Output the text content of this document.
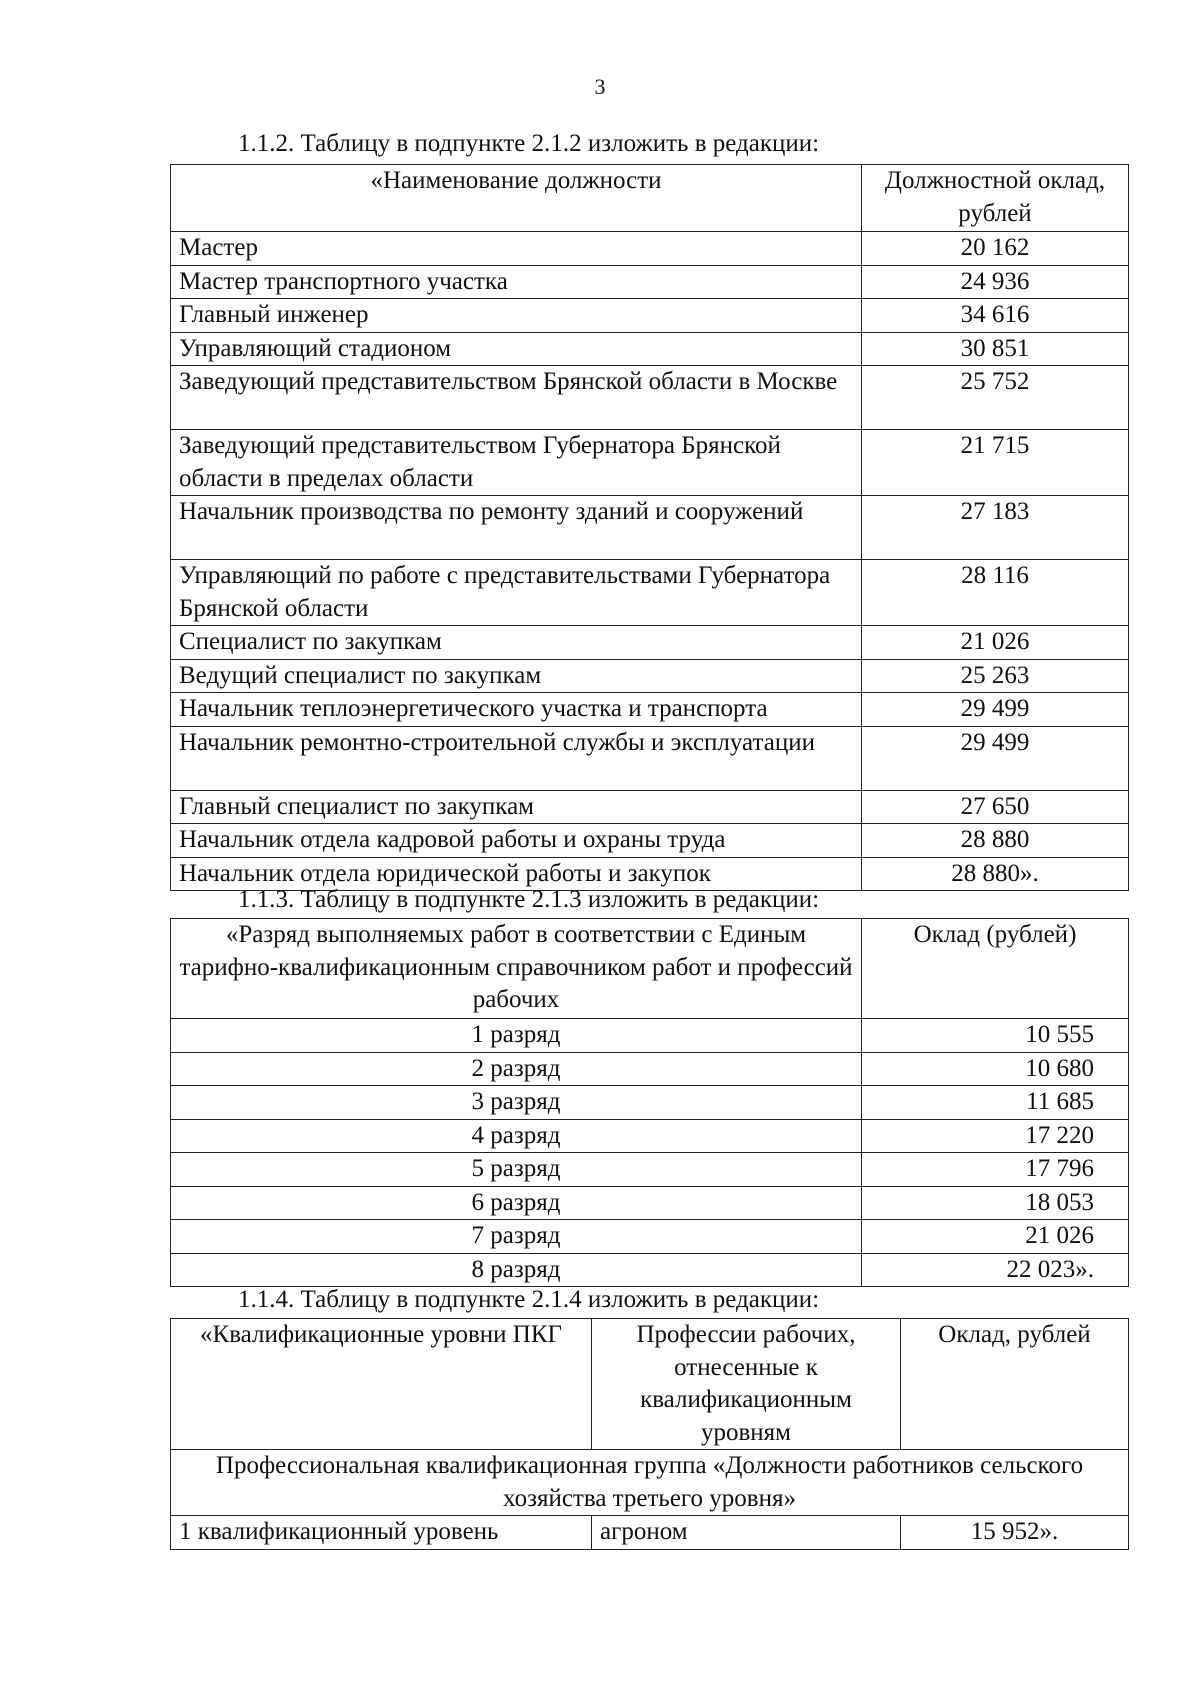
3
1.1.2. Таблицу в подпункте 2.1.2 изложить в редакции:
«Наименование должности	Должностной оклад, рублей
Мастер	20 162
Мастер транспортного участка	24 936
Главный инженер	34 616
Управляющий стадионом	30 851
Заведующий представительством Брянской области в Москве	25 752
Заведующий представительством Губернатора Брянской области в пределах области	21 715
Начальник производства по ремонту зданий и сооружений	27 183
Управляющий по работе с представительствами Губернатора Брянской области	28 116
Специалист по закупкам	21 026
Ведущий специалист по закупкам	25 263
Начальник теплоэнергетического участка и транспорта	29 499
Начальник ремонтно-строительной службы и эксплуатации	29 499
Главный специалист по закупкам	27 650
Начальник отдела кадровой работы и охраны труда	28 880
Начальник отдела юридической работы и закупок	28 880».
1.1.3. Таблицу в подпункте 2.1.3 изложить в редакции:
«Разряд выполняемых работ в соответствии с Единым тарифно-квалификационным справочником работ и профессий рабочих	Оклад (рублей)
1 разряд	10 555
2 разряд	10 680
3 разряд	11 685
4 разряд	17 220
5 разряд	17 796
6 разряд	18 053
7 разряд	21 026
8 разряд	22 023».
1.1.4. Таблицу в подпункте 2.1.4 изложить в редакции:
«Квалификационные уровни ПКГ	Профессии рабочих, отнесенные к квалификационным уровням	Оклад, рублей
Профессиональная квалификационная группа «Должности работников сельского хозяйства третьего уровня»		
1 квалификационный уровень	агроном	15 952».
